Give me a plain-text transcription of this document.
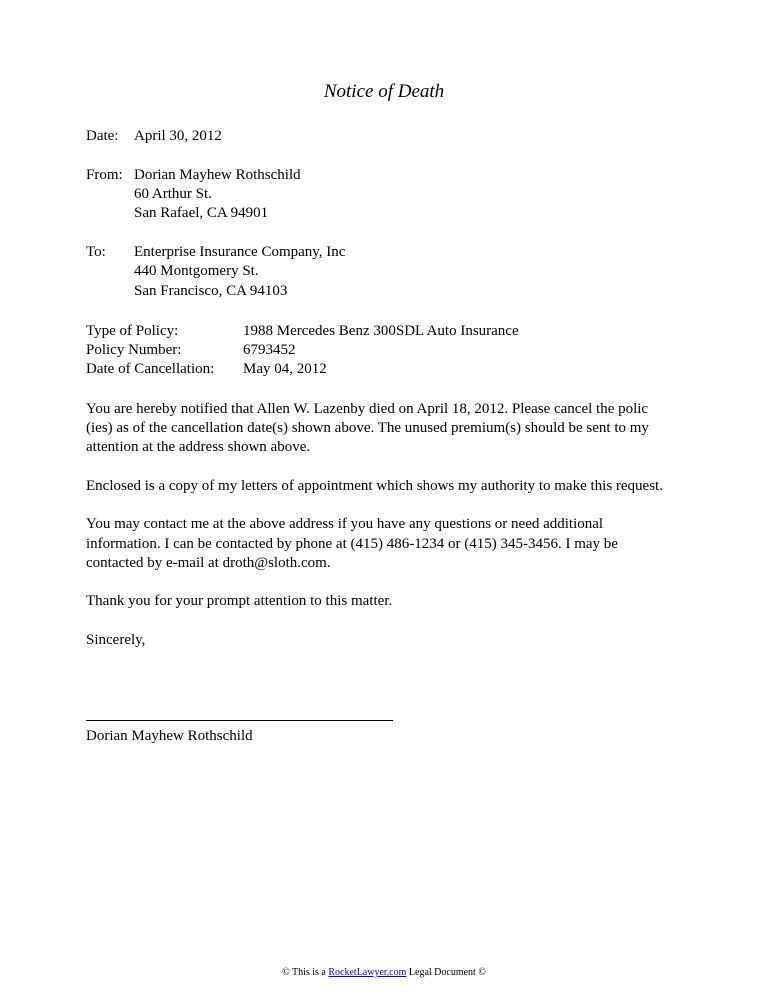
Notice of Death
Date: April 30, 2012
From: Dorian Mayhew Rothschild
60 Arthur St.
San Rafael, CA 94901
To: Enterprise Insurance Company, Inc
440 Montgomery St.
San Francisco, CA 94103
Type of Policy:	1988 Mercedes Benz 300SDL Auto Insurance
Policy Number:	6793452
Date of Cancellation: May 04, 2012
You are hereby notified that Allen W. Lazenby died on April 18, 2012. Please cancel the polic
(ies) as of the cancellation date(s) shown above. The unused premium(s) should be sent to my
attention at the address shown above.
Enclosed is a copy of my letters of appointment which shows my authority to make this request.
You may contact me at the above address if you have any questions or need additional
information. I can be contacted by phone at (415) 486-1234 or (415) 345-3456. I may be
contacted by e-mail at droth@sloth.com.
Thank you for your prompt attention to this matter.
Sincerely,
Dorian Mayhew Rothschild
© This is a RocketLawyer.com Legal Document ©
